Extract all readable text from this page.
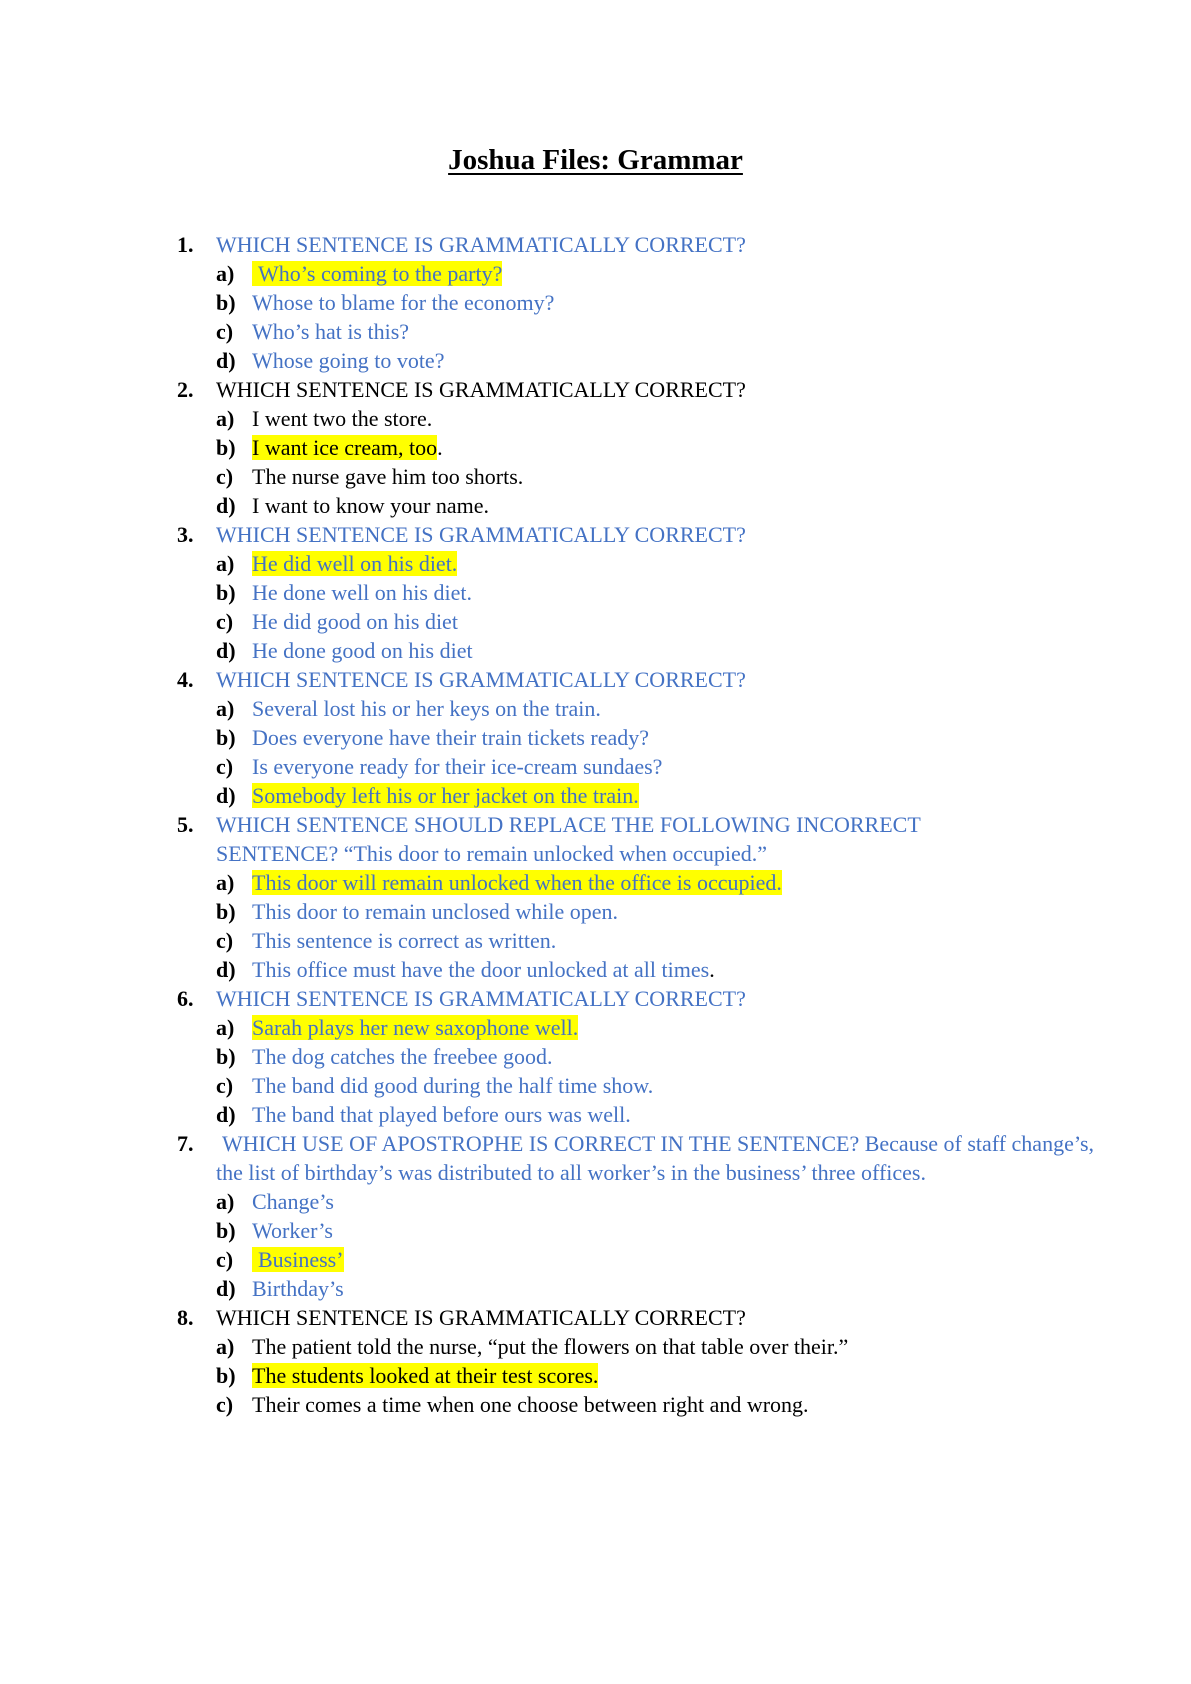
Joshua Files: Grammar
1. WHICH SENTENCE IS GRAMMATICALLY CORRECT?
a) Who’s coming to the party?
b) Whose to blame for the economy?
c) Who’s hat is this?
d) Whose going to vote?
2. WHICH SENTENCE IS GRAMMATICALLY CORRECT?
a) I went two the store.
b) I want ice cream, too.
c) The nurse gave him too shorts.
d) I want to know your name.
3. WHICH SENTENCE IS GRAMMATICALLY CORRECT?
a) He did well on his diet.
b) He done well on his diet.
c) He did good on his diet
d) He done good on his diet
4. WHICH SENTENCE IS GRAMMATICALLY CORRECT?
a) Several lost his or her keys on the train.
b) Does everyone have their train tickets ready?
c) Is everyone ready for their ice-cream sundaes?
d) Somebody left his or her jacket on the train.
5. WHICH SENTENCE SHOULD REPLACE THE FOLLOWING INCORRECT SENTENCE? “This door to remain unlocked when occupied.”
a) This door will remain unlocked when the office is occupied.
b) This door to remain unclosed while open.
c) This sentence is correct as written.
d) This office must have the door unlocked at all times.
6. WHICH SENTENCE IS GRAMMATICALLY CORRECT?
a) Sarah plays her new saxophone well.
b) The dog catches the freebee good.
c) The band did good during the half time show.
d) The band that played before ours was well.
7. WHICH USE OF APOSTROPHE IS CORRECT IN THE SENTENCE? Because of staff change’s, the list of birthday’s was distributed to all worker’s in the business’ three offices.
a) Change’s
b) Worker’s
c) Business’
d) Birthday’s
8. WHICH SENTENCE IS GRAMMATICALLY CORRECT?
a) The patient told the nurse, “put the flowers on that table over their.”
b) The students looked at their test scores.
c) Their comes a time when one choose between right and wrong.
